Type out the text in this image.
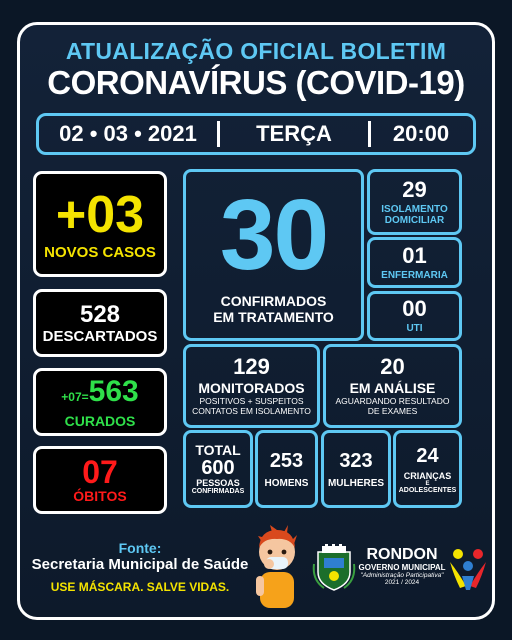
ATUALIZAÇÃO OFICIAL BOLETIM
CORONAVÍRUS (COVID-19)
02 • 03 • 2021	TERÇA	20:00
+03
NOVOS CASOS
528
DESCARTADOS
+07= 563
CURADOS
07
ÓBITOS
30
CONFIRMADOS
EM TRATAMENTO
29
ISOLAMENTO
DOMICILIAR
01
ENFERMARIA
00
UTI
129
MONITORADOS
POSITIVOS + SUSPEITOS
CONTATOS EM ISOLAMENTO
20
EM ANÁLISE
AGUARDANDO RESULTADO
DE EXAMES
TOTAL
600
PESSOAS
CONFIRMADAS
253
HOMENS
323
MULHERES
24
CRIANÇAS
E
ADOLESCENTES
Fonte:
Secretaria Municipal de Saúde
USE MÁSCARA. SALVE VIDAS.
RONDON
GOVERNO MUNICIPAL
"Administração Participativa"
2021 / 2024
